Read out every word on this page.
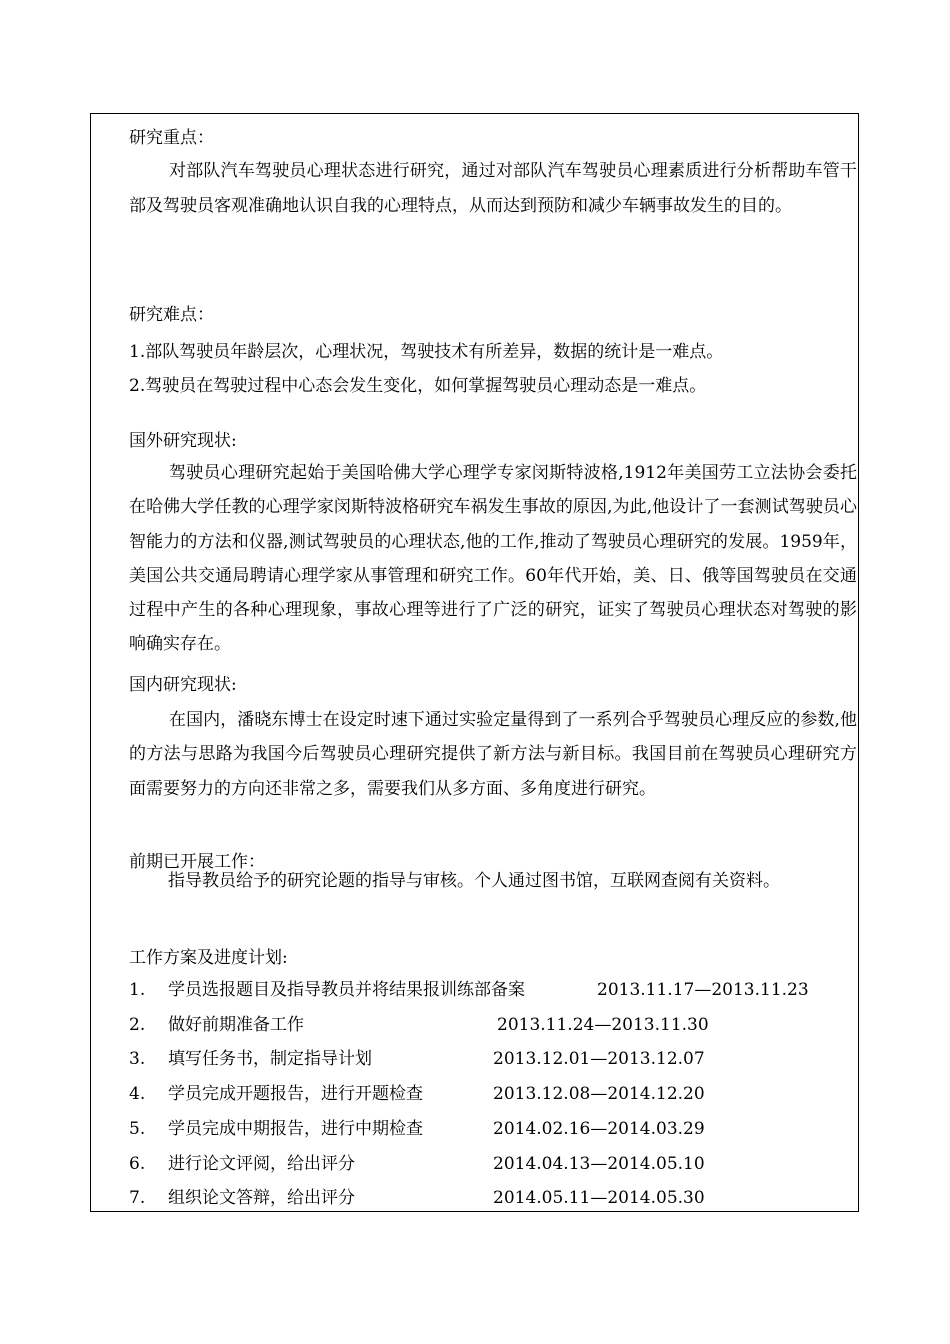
研究重点：

对部队汽车驾驶员心理状态进行研究，通过对部队汽车驾驶员心理素质进行分析帮助车管干部及驾驶员客观准确地认识自我的心理特点，从而达到预防和减少车辆事故发生的目的。

研究难点：
1.部队驾驶员年龄层次，心理状况，驾驶技术有所差异，数据的统计是一难点。
2.驾驶员在驾驶过程中心态会发生变化，如何掌握驾驶员心理动态是一难点。
国外研究现状:

驾驶员心理研究起始于美国哈佛大学心理学专家闵斯特波格,1912年美国劳工立法协会委托在哈佛大学任教的心理学家闵斯特波格研究车祸发生事故的原因,为此,他设计了一套测试驾驶员心智能力的方法和仪器,测试驾驶员的心理状态,他的工作,推动了驾驶员心理研究的发展。1959年，美国公共交通局聘请心理学家从事管理和研究工作。60年代开始，美、日、俄等国驾驶员在交通过程中产生的各种心理现象，事故心理等进行了广泛的研究，证实了驾驶员心理状态对驾驶的影响确实存在。

国内研究现状:

在国内，潘晓东博士在设定时速下通过实验定量得到了一系列合乎驾驶员心理反应的参数,他的方法与思路为我国今后驾驶员心理研究提供了新方法与新目标。我国目前在驾驶员心理研究方面需要努力的方向还非常之多，需要我们从多方面、多角度进行研究。

前期已开展工作：
指导教员给予的研究论题的指导与审核。个人通过图书馆，互联网查阅有关资料。
工作方案及进度计划:
1. 学员选报题目及指导教员并将结果报训练部备案	2013.11.17—2013.11.23
2. 做好前期准备工作	2013.11.24—2013.11.30
3. 填写任务书，制定指导计划	2013.12.01—2013.12.07
4. 学员完成开题报告，进行开题检查	2013.12.08—2014.12.20
5. 学员完成中期报告，进行中期检查	2014.02.16—2014.03.29
6. 进行论文评阅，给出评分	2014.04.13—2014.05.10
7. 组织论文答辩，给出评分	2014.05.11—2014.05.30
